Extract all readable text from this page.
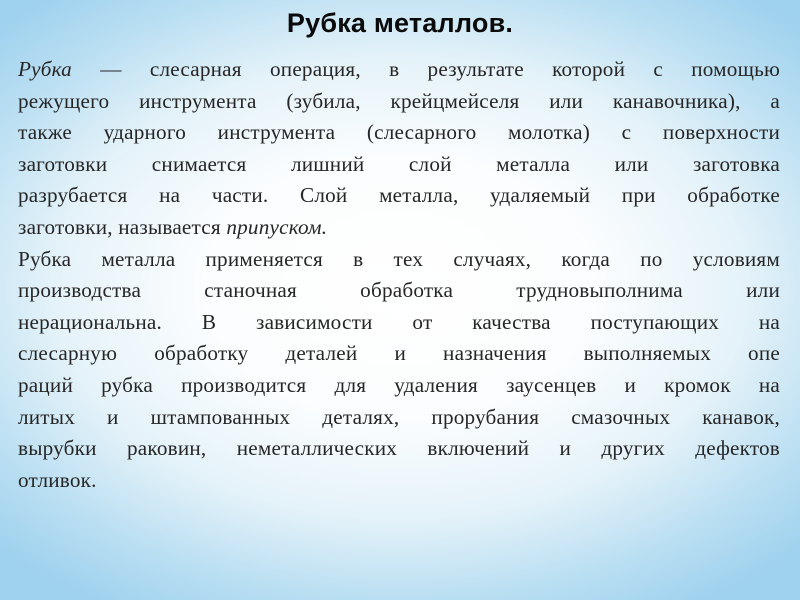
Рубка металлов.
Рубка — слесарная операция, в результате которой с помощью
режущего инструмента (зубила, крейцмейселя или канавочника), а
также ударного инструмента (слесарного молотка) с поверхности
заготовки снимается лишний слой металла или заготовка
разрубается на части. Слой металла, удаляемый при обработке
заготовки, называется припуском.
Рубка металла применяется в тех случаях, когда по условиям
производства станочная обработка трудновыполнима или
нерациональна. В зависимости от качества поступающих на
слесарную обработку деталей и назначения выполняемых опе
раций рубка производится для удаления заусенцев и кромок на
литых и штампованных деталях, прорубания смазочных канавок,
вырубки раковин, неметаллических включений и других дефектов
отливок.
